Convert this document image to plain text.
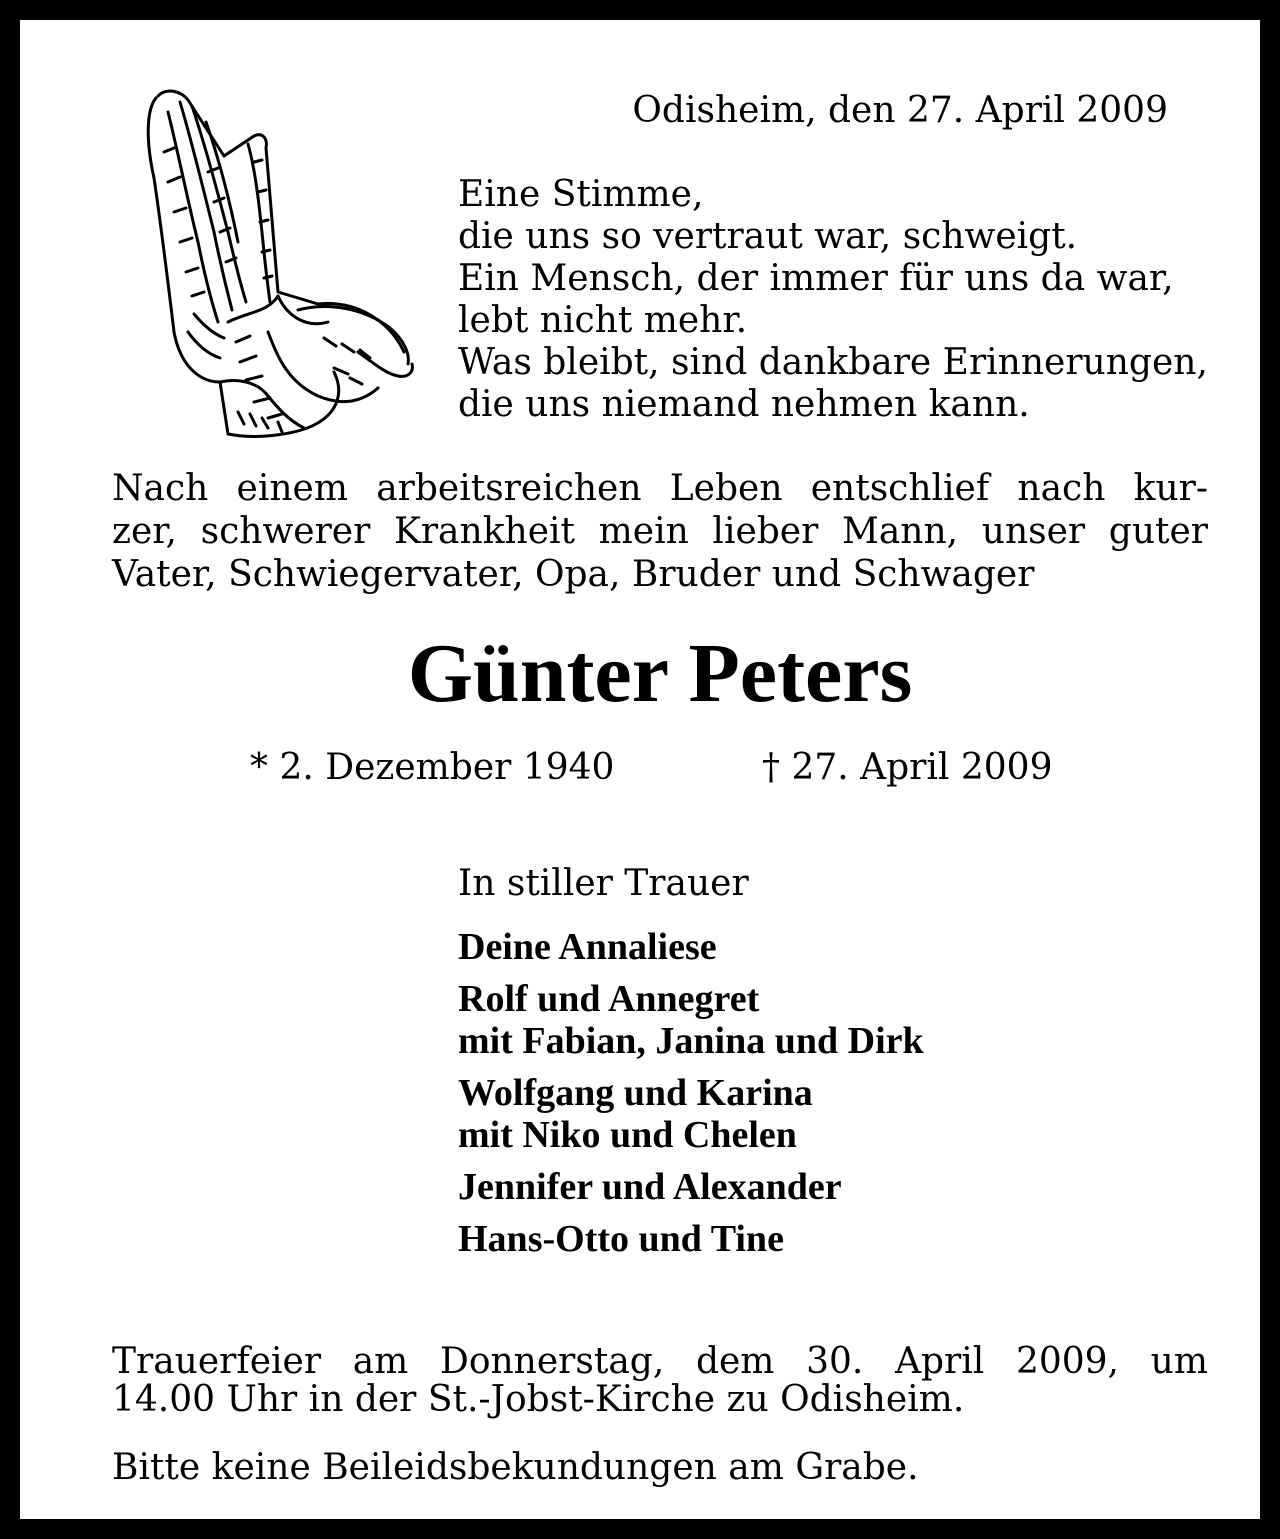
Odisheim, den 27. April 2009
Eine Stimme,
die uns so vertraut war, schweigt.
Ein Mensch, der immer für uns da war,
lebt nicht mehr.
Was bleibt, sind dankbare Erinnerungen,
die uns niemand nehmen kann.
Nach einem arbeitsreichen Leben entschlief nach kur-
zer, schwerer Krankheit mein lieber Mann, unser guter
Vater, Schwiegervater, Opa, Bruder und Schwager
Günter Peters
* 2. Dezember 1940	† 27. April 2009
In stiller Trauer
Deine Annaliese
Rolf und Annegret
mit Fabian, Janina und Dirk
Wolfgang und Karina
mit Niko und Chelen
Jennifer und Alexander
Hans-Otto und Tine
Trauerfeier am Donnerstag, dem 30. April 2009, um
14.00 Uhr in der St.-Jobst-Kirche zu Odisheim.
Bitte keine Beileidsbekundungen am Grabe.
